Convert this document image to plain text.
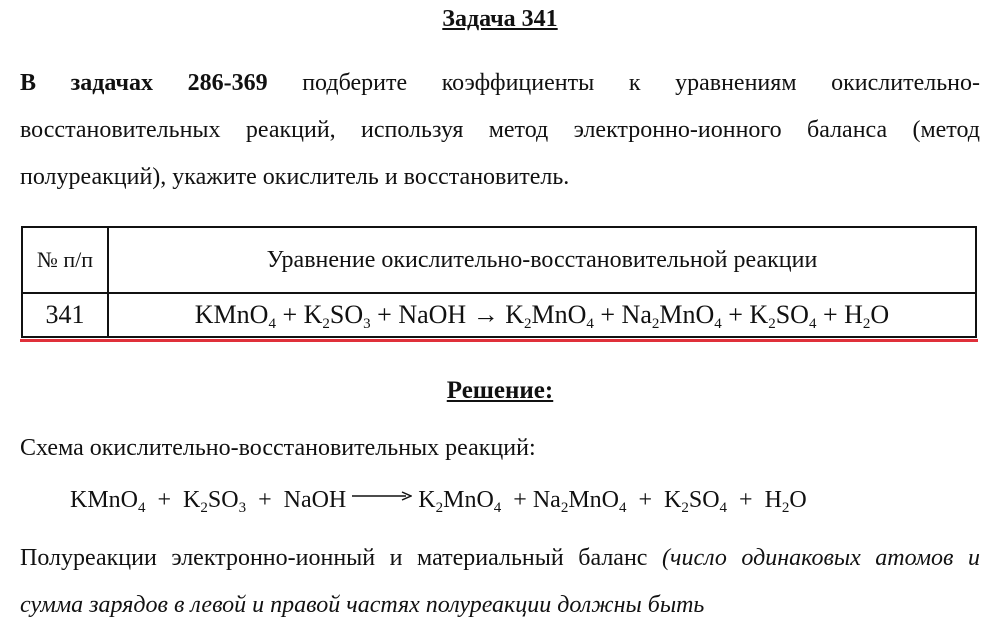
Задача 341
В задачах 286-369 подберите коэффициенты к уравнениям окислительно-восстановительных реакций, используя метод электронно-ионного баланса (метод полуреакций), укажите окислитель и восстановитель.
№ п/п	Уравнение окислительно-восстановительной реакции
341	KMnO$_4$ + $K_2SO_3$ + NaOH → $K_2MnO_4 + Na_2MnO_4 + K_2SO_4 + H_2O$
Решение:
Схема окислительно-восстановительных реакций:
KMnO$_4$  +  $K_2SO_3$  +  NaOH	$K_2MnO_4 + Na_2MnO_4 + K_2SO_4 + H_2O$
Полуреакции электронно-ионный и материальный баланс (число одинаковых атомов и сумма зарядов в левой и правой частях полуреакции должны быть
